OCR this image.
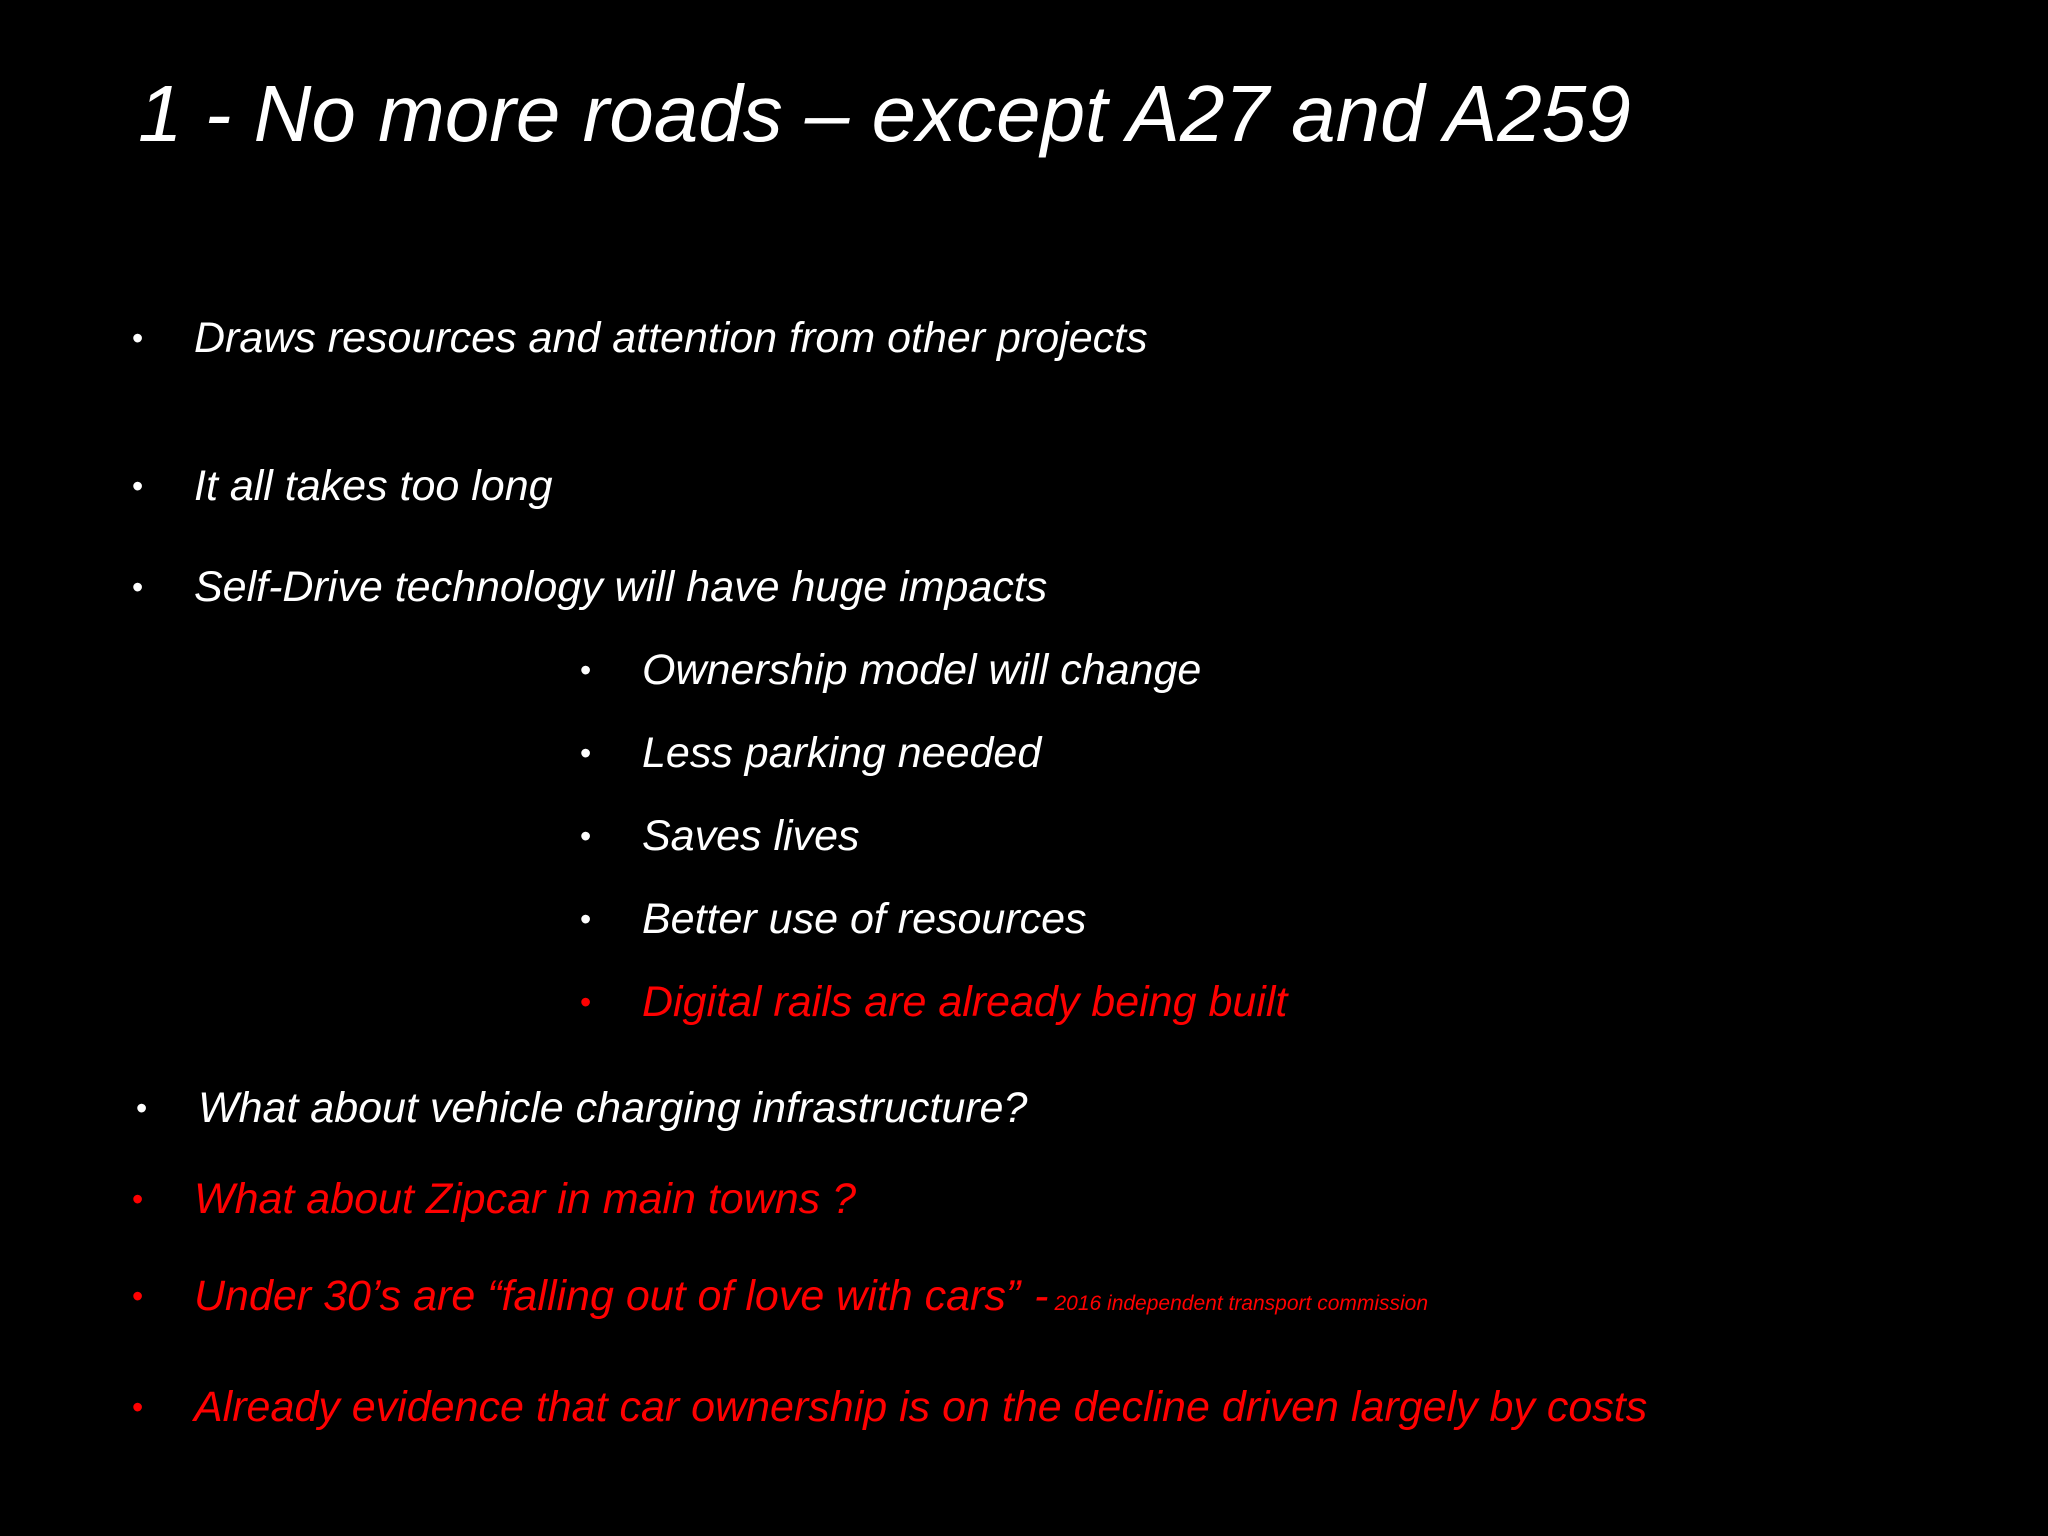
1 - No more roads – except A27 and A259
• Draws resources and attention from other projects
• It all takes too long
• Self-Drive technology will have huge impacts
• Ownership model will change
• Less parking needed
• Saves lives
• Better use of resources
• Digital rails are already being built
• What about vehicle charging infrastructure?
• What about Zipcar in main towns ?
• Under 30’s are “falling out of love with cars” - 2016 independent transport commission
• Already evidence that car ownership is on the decline driven largely by costs
